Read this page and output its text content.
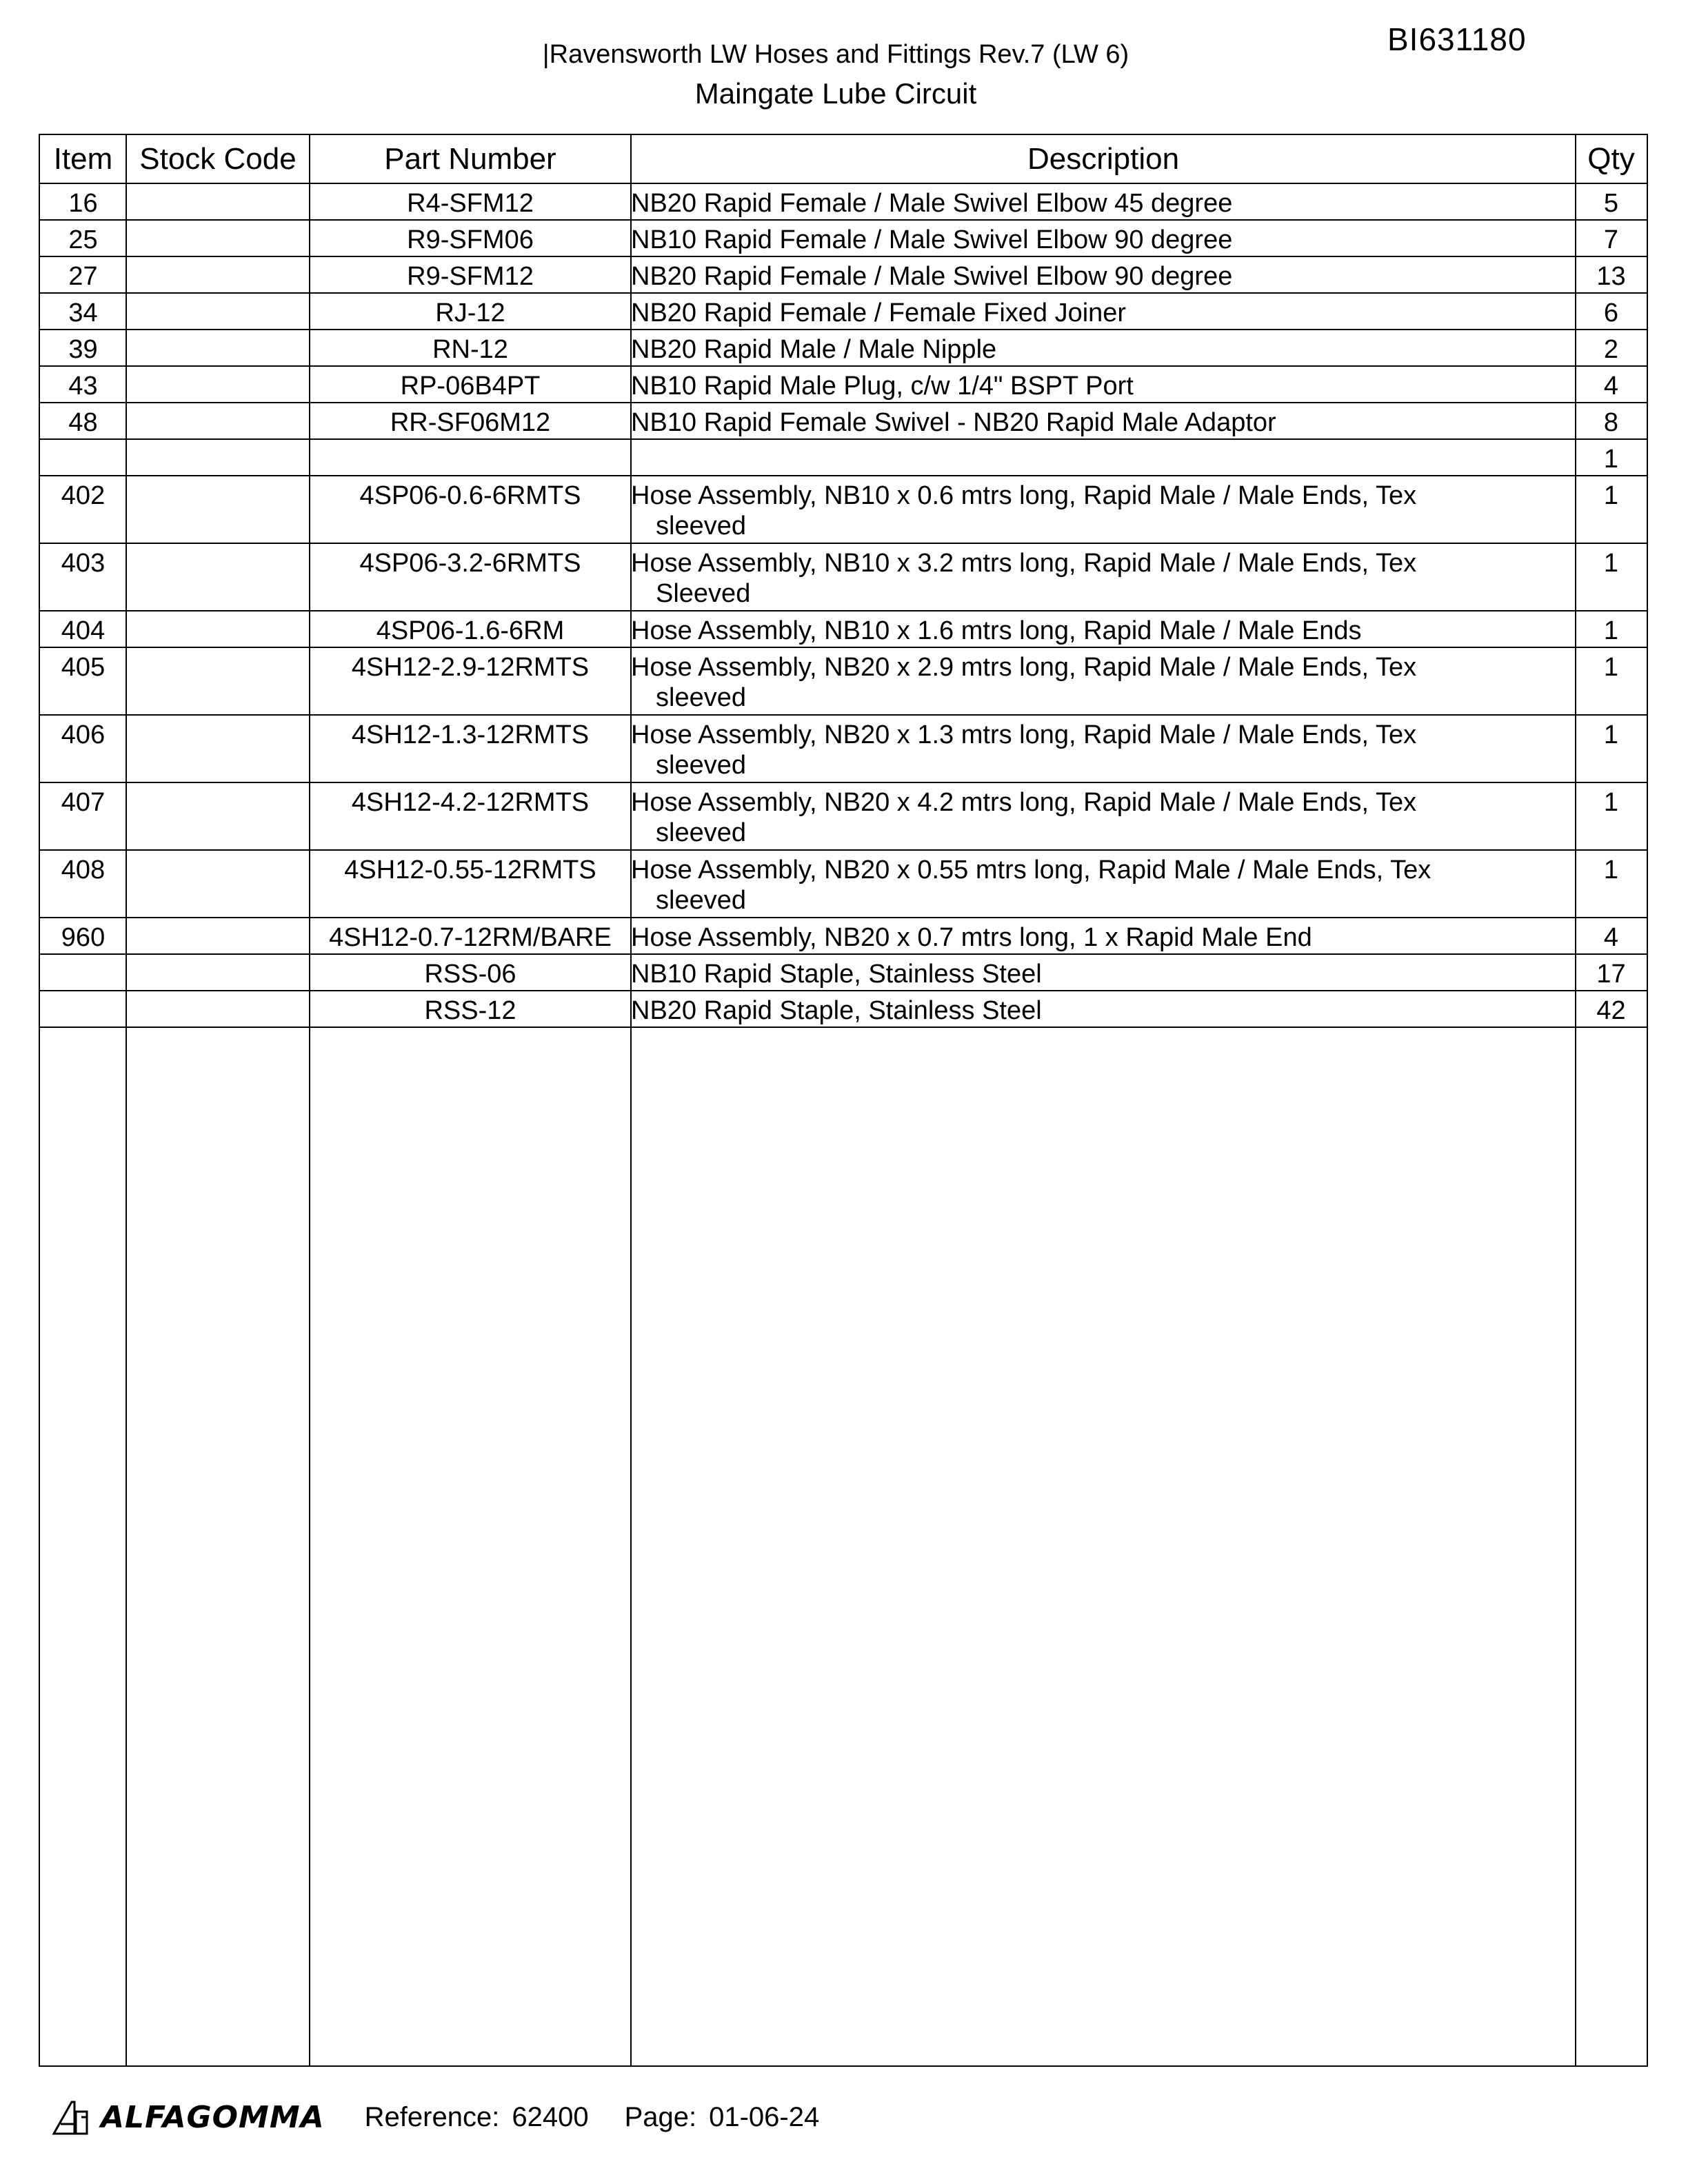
BI631180
|Ravensworth LW Hoses and Fittings Rev.7 (LW 6)
Maingate Lube Circuit
Item	Stock Code	Part Number	Description	Qty
16		R4-SFM12	NB20 Rapid Female / Male Swivel Elbow 45 degree	5
25		R9-SFM06	NB10 Rapid Female / Male Swivel Elbow 90 degree	7
27		R9-SFM12	NB20 Rapid Female / Male Swivel Elbow 90 degree	13
34		RJ-12	NB20 Rapid Female / Female Fixed Joiner	6
39		RN-12	NB20 Rapid Male / Male Nipple	2
43		RP-06B4PT	NB10 Rapid Male Plug, c/w 1/4" BSPT Port	4
48		RR-SF06M12	NB10 Rapid Female Swivel - NB20 Rapid Male Adaptor	8
				1
402		4SP06-0.6-6RMTS	Hose Assembly, NB10 x 0.6 mtrs long, Rapid Male / Male Ends, Tex
sleeved	1
403		4SP06-3.2-6RMTS	Hose Assembly, NB10 x 3.2 mtrs long, Rapid Male / Male Ends, Tex
Sleeved	1
404		4SP06-1.6-6RM	Hose Assembly, NB10 x 1.6 mtrs long, Rapid Male / Male Ends	1
405		4SH12-2.9-12RMTS	Hose Assembly, NB20 x 2.9 mtrs long, Rapid Male / Male Ends, Tex
sleeved	1
406		4SH12-1.3-12RMTS	Hose Assembly, NB20 x 1.3 mtrs long, Rapid Male / Male Ends, Tex
sleeved	1
407		4SH12-4.2-12RMTS	Hose Assembly, NB20 x 4.2 mtrs long, Rapid Male / Male Ends, Tex
sleeved	1
408		4SH12-0.55-12RMTS	Hose Assembly, NB20 x 0.55 mtrs long, Rapid Male / Male Ends, Tex
sleeved	1
960		4SH12-0.7-12RM/BARE	Hose Assembly, NB20 x 0.7 mtrs long, 1 x Rapid Male End	4
		RSS-06	NB10 Rapid Staple, Stainless Steel	17
		RSS-12	NB20 Rapid Staple, Stainless Steel	42
ALFAGOMMA Reference: 62400 Page: 01-06-24
